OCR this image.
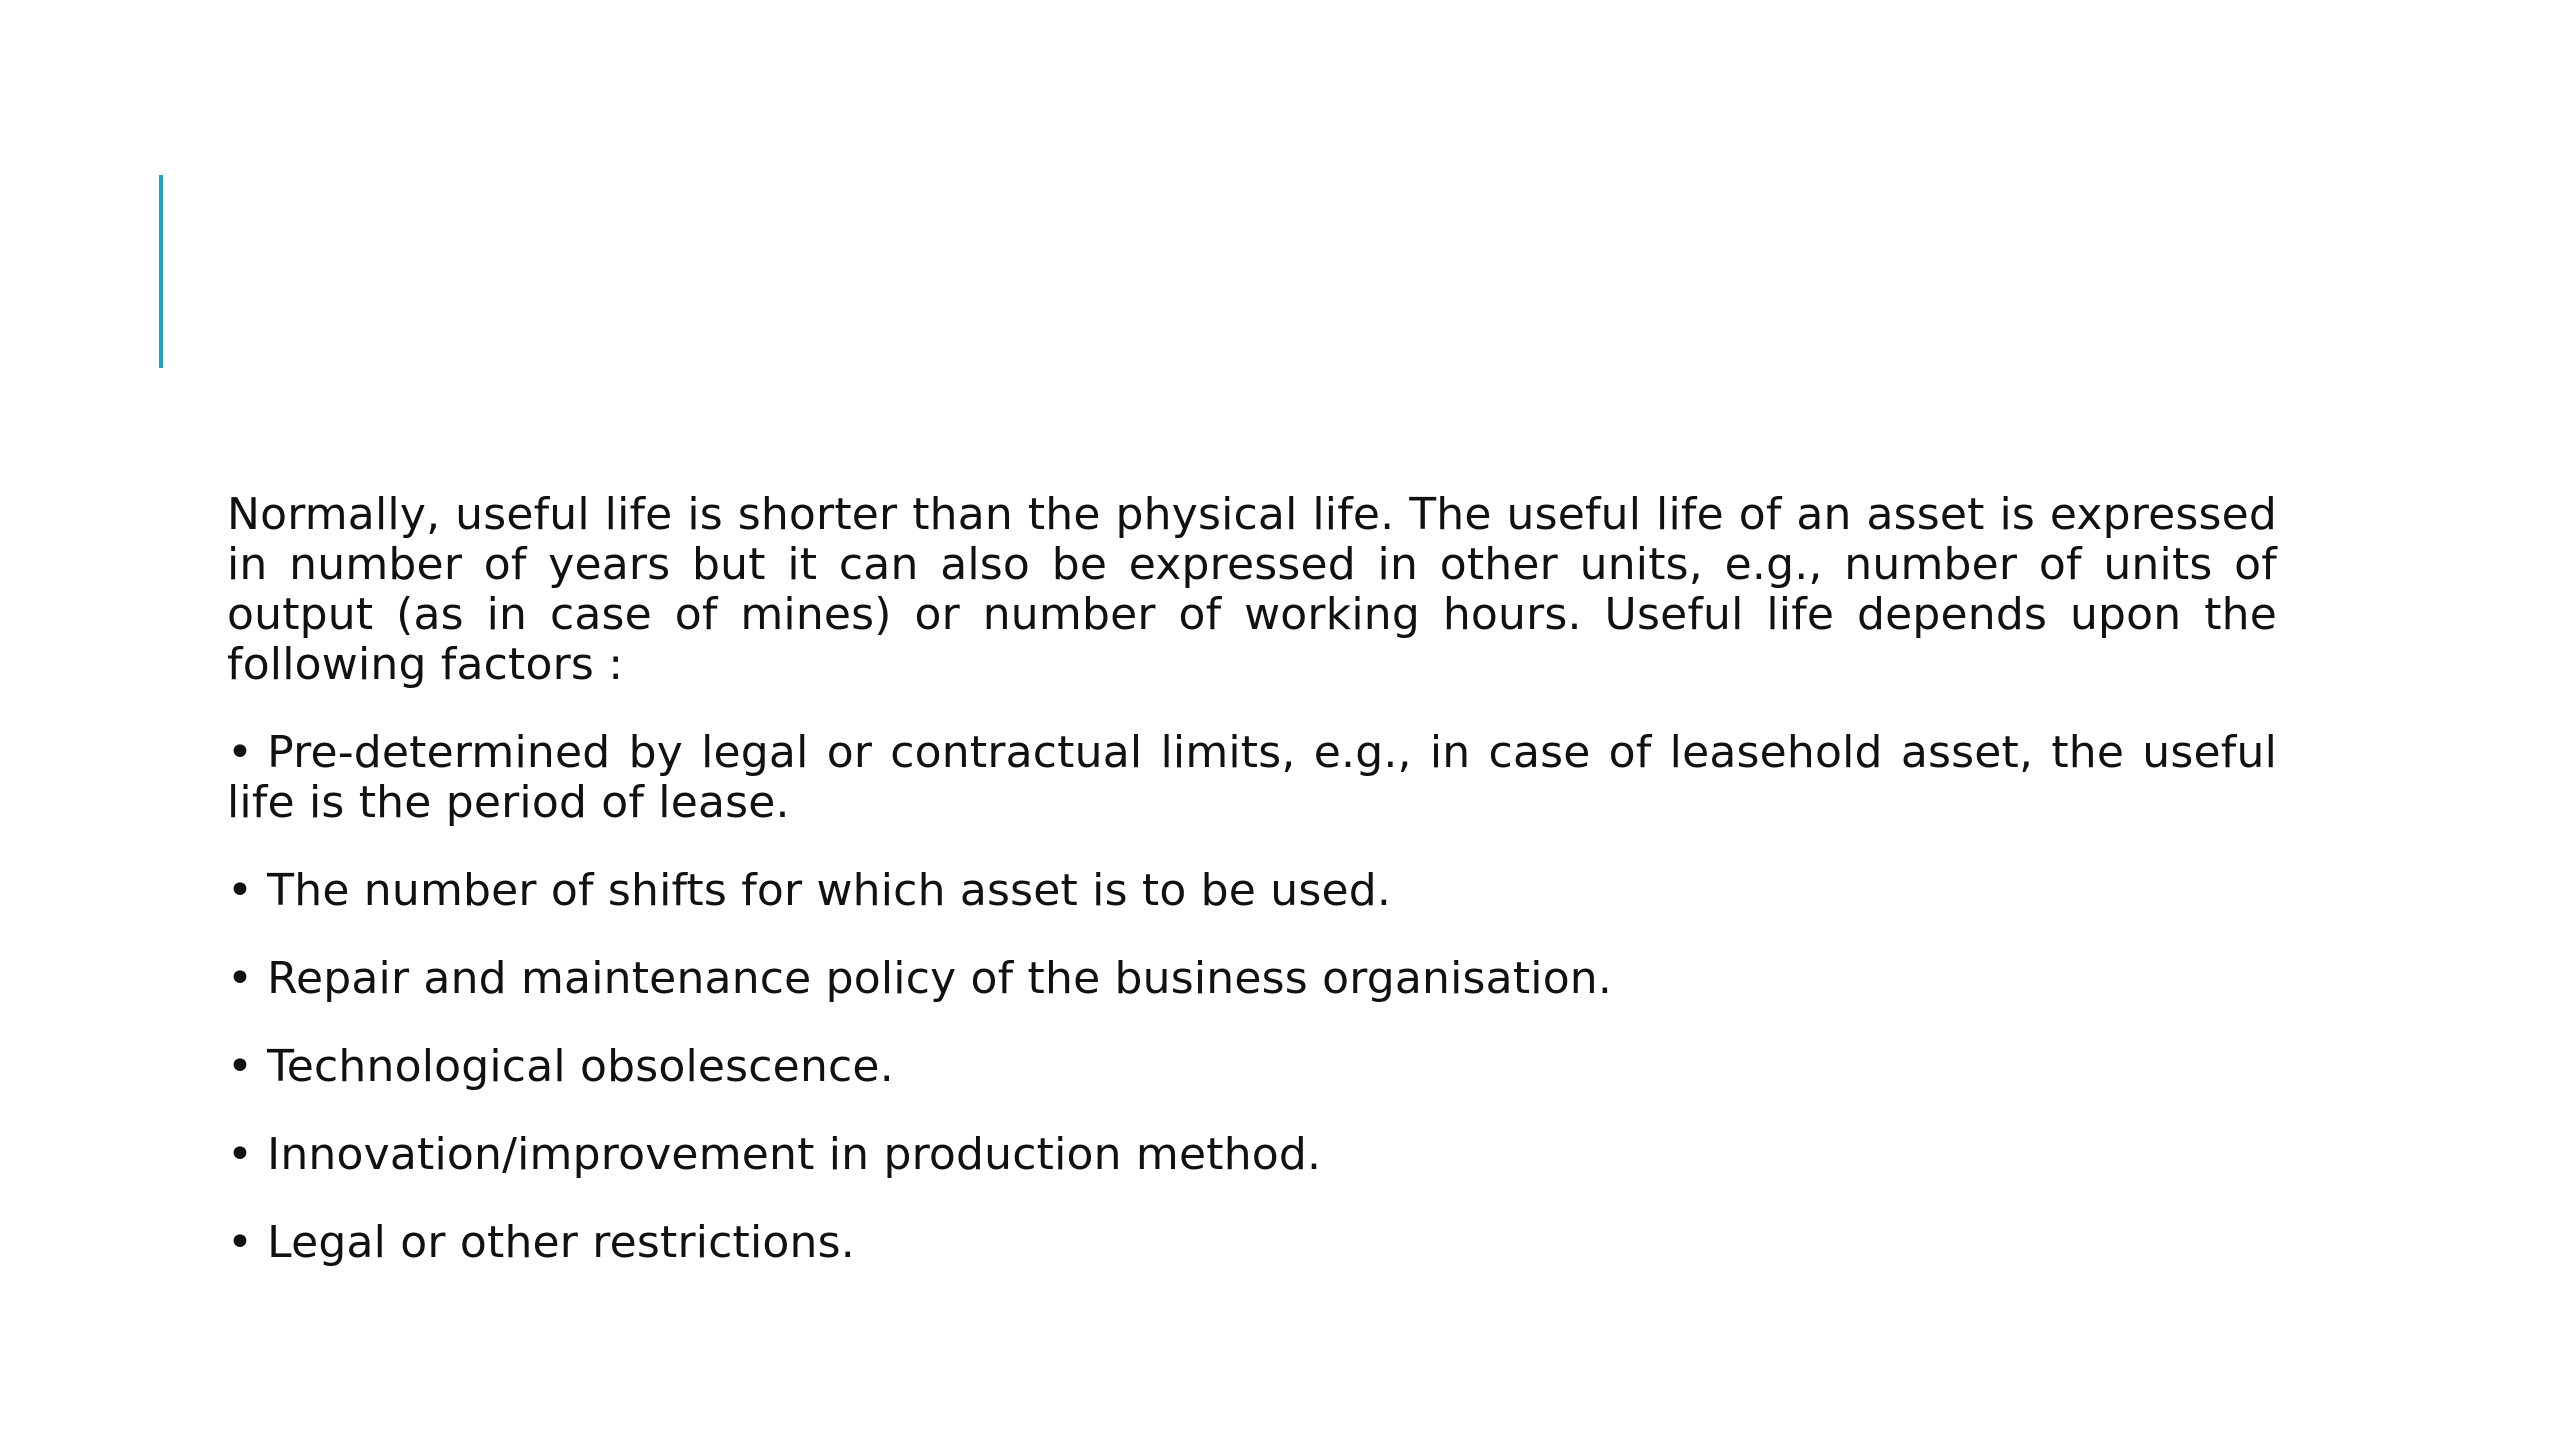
Normally, useful life is shorter than the physical life. The useful life of an asset is expressed in number of years but it can also be expressed in other units, e.g., number of units of output (as in case of mines) or number of working hours. Useful life depends upon the following factors :

• Pre-determined by legal or contractual limits, e.g., in case of leasehold asset, the useful life is the period of lease.

• The number of shifts for which asset is to be used.

• Repair and maintenance policy of the business organisation.

• Technological obsolescence.

• Innovation/improvement in production method.

• Legal or other restrictions.
